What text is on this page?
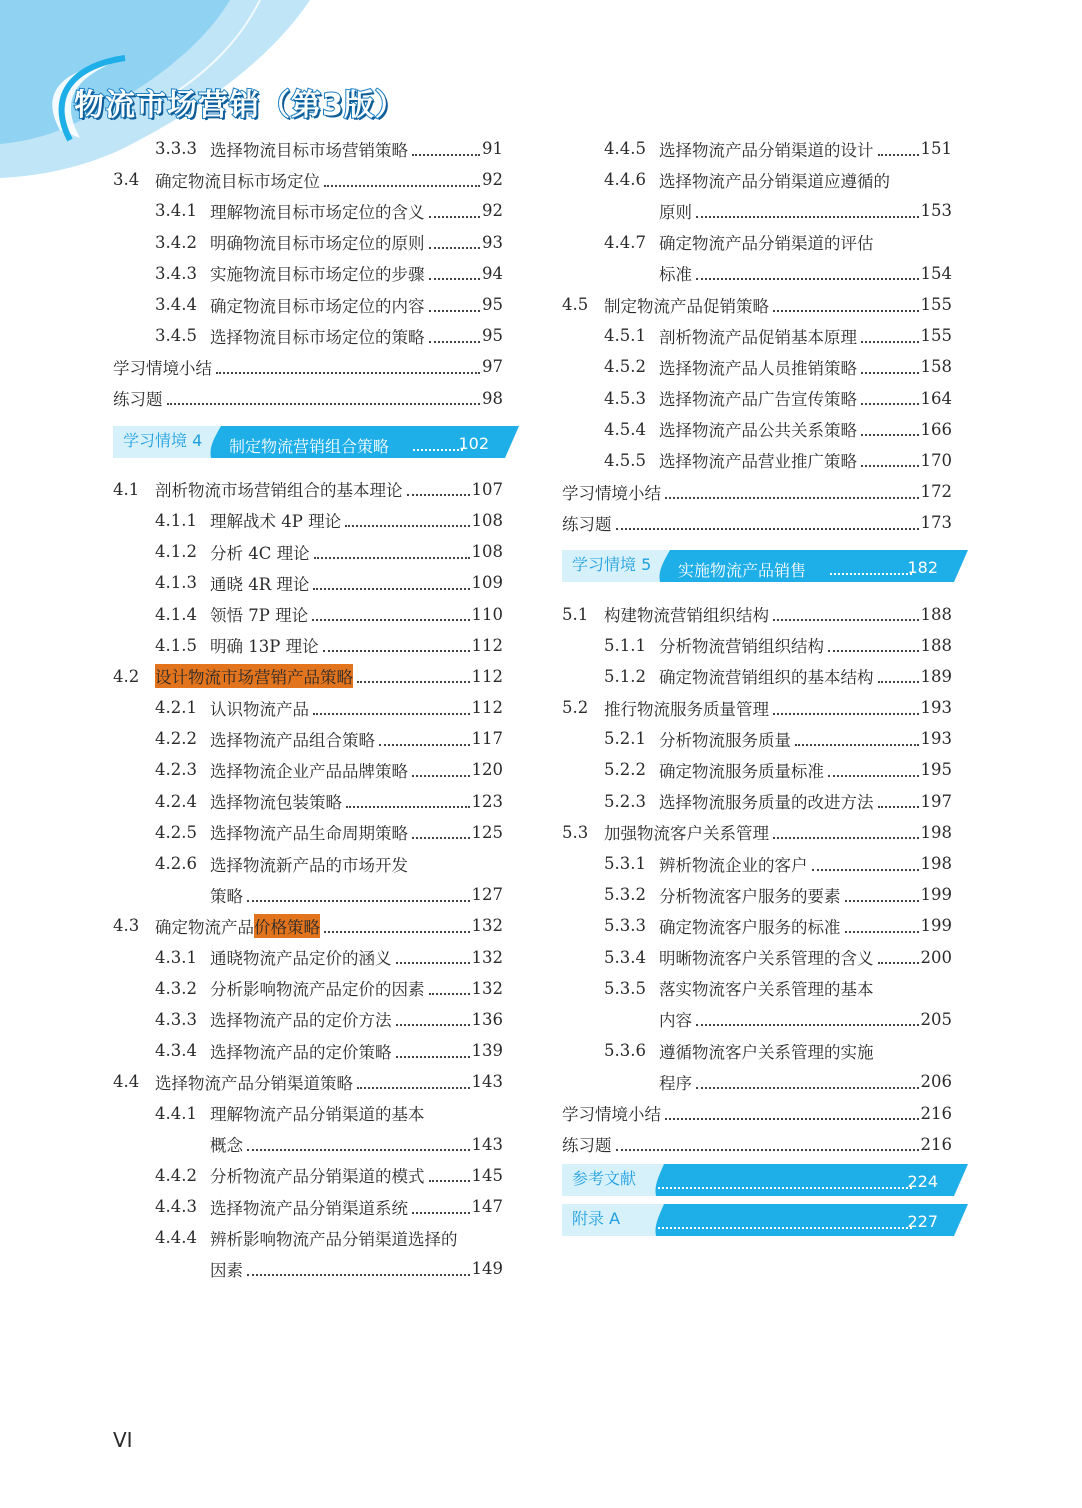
物流市场营销（第3版）
3.3.3 选择物流目标市场营销策略	91
3.4 确定物流目标市场定位	92
3.4.1 理解物流目标市场定位的含义	92
3.4.2 明确物流目标市场定位的原则	93
3.4.3 实施物流目标市场定位的步骤	94
3.4.4 确定物流目标市场定位的内容	95
3.4.5 选择物流目标市场定位的策略	95
学习情境小结	97
练习题	98
学习情境 4 制定物流营销组合策略	102
4.1 剖析物流市场营销组合的基本理论	107
4.1.1 理解战术 4P 理论	108
4.1.2 分析 4C 理论	108
4.1.3 通晓 4R 理论	109
4.1.4 领悟 7P 理论	110
4.1.5 明确 13P 理论	112
4.2 设计物流市场营销产品策略	112
4.2.1 认识物流产品	112
4.2.2 选择物流产品组合策略	117
4.2.3 选择物流企业产品品牌策略	120
4.2.4 选择物流包装策略	123
4.2.5 选择物流产品生命周期策略	125
4.2.6 选择物流新产品的市场开发
策略	127
4.3 确定物流产品 价格策略	132
4.3.1 通晓物流产品定价的涵义	132
4.3.2 分析影响物流产品定价的因素	132
4.3.3 选择物流产品的定价方法	136
4.3.4 选择物流产品的定价策略	139
4.4 选择物流产品分销渠道策略	143
4.4.1 理解物流产品分销渠道的基本
概念	143
4.4.2 分析物流产品分销渠道的模式	145
4.4.3 选择物流产品分销渠道系统	147
4.4.4 辨析影响物流产品分销渠道选择的
因素	149
4.4.5 选择物流产品分销渠道的设计	151
4.4.6 选择物流产品分销渠道应遵循的
原则	153
4.4.7 确定物流产品分销渠道的评估
标准	154
4.5 制定物流产品促销策略	155
4.5.1 剖析物流产品促销基本原理	155
4.5.2 选择物流产品人员推销策略	158
4.5.3 选择物流产品广告宣传策略	164
4.5.4 选择物流产品公共关系策略	166
4.5.5 选择物流产品营业推广策略	170
学习情境小结	172
练习题	173
学习情境 5 实施物流产品销售	182
5.1 构建物流营销组织结构	188
5.1.1 分析物流营销组织结构	188
5.1.2 确定物流营销组织的基本结构	189
5.2 推行物流服务质量管理	193
5.2.1 分析物流服务质量	193
5.2.2 确定物流服务质量标准	195
5.2.3 选择物流服务质量的改进方法	197
5.3 加强物流客户关系管理	198
5.3.1 辨析物流企业的客户	198
5.3.2 分析物流客户服务的要素	199
5.3.3 确定物流客户服务的标准	199
5.3.4 明晰物流客户关系管理的含义	200
5.3.5 落实物流客户关系管理的基本
内容	205
5.3.6 遵循物流客户关系管理的实施
程序	206
学习情境小结	216
练习题	216
参考文献	224
附录 A	227

VI
